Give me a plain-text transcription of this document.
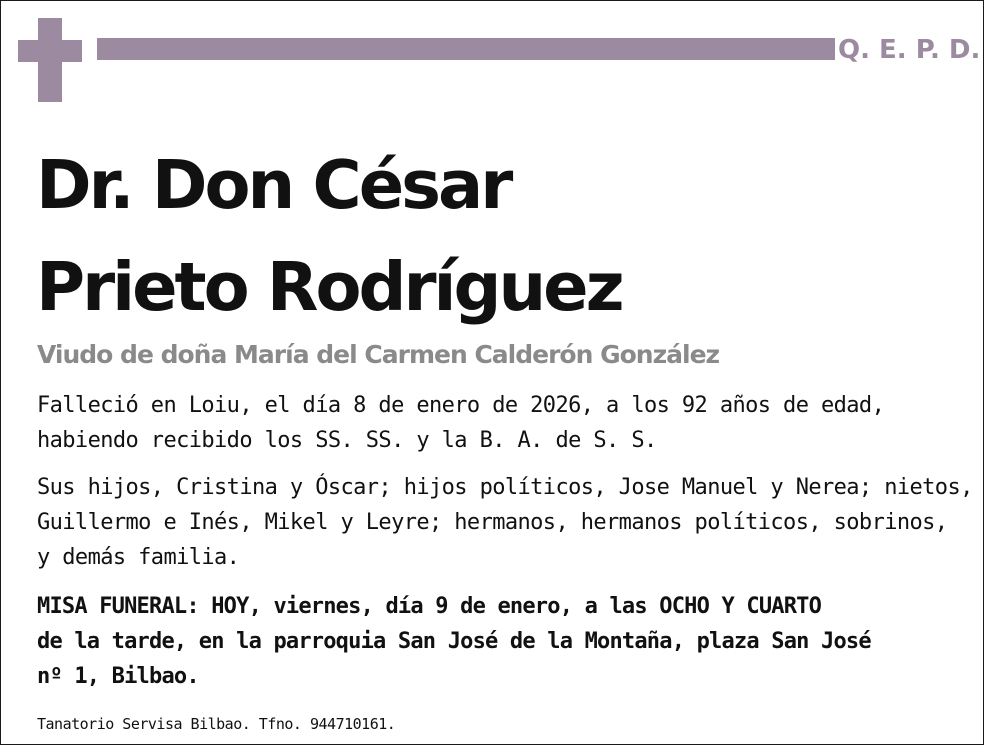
Q. E. P. D.
Dr. Don César
Prieto Rodríguez
Viudo de doña María del Carmen Calderón González
Falleció en Loiu, el día 8 de enero de 2026, a los 92 años de edad,
habiendo recibido los SS. SS. y la B. A. de S. S.
Sus hijos, Cristina y Óscar; hijos políticos, Jose Manuel y Nerea; nietos,
Guillermo e Inés, Mikel y Leyre; hermanos, hermanos políticos, sobrinos,
y demás familia.
MISA FUNERAL: HOY, viernes, día 9 de enero, a las OCHO Y CUARTO
de la tarde, en la parroquia San José de la Montaña, plaza San José
nº 1, Bilbao.
Tanatorio Servisa Bilbao. Tfno. 944710161.
